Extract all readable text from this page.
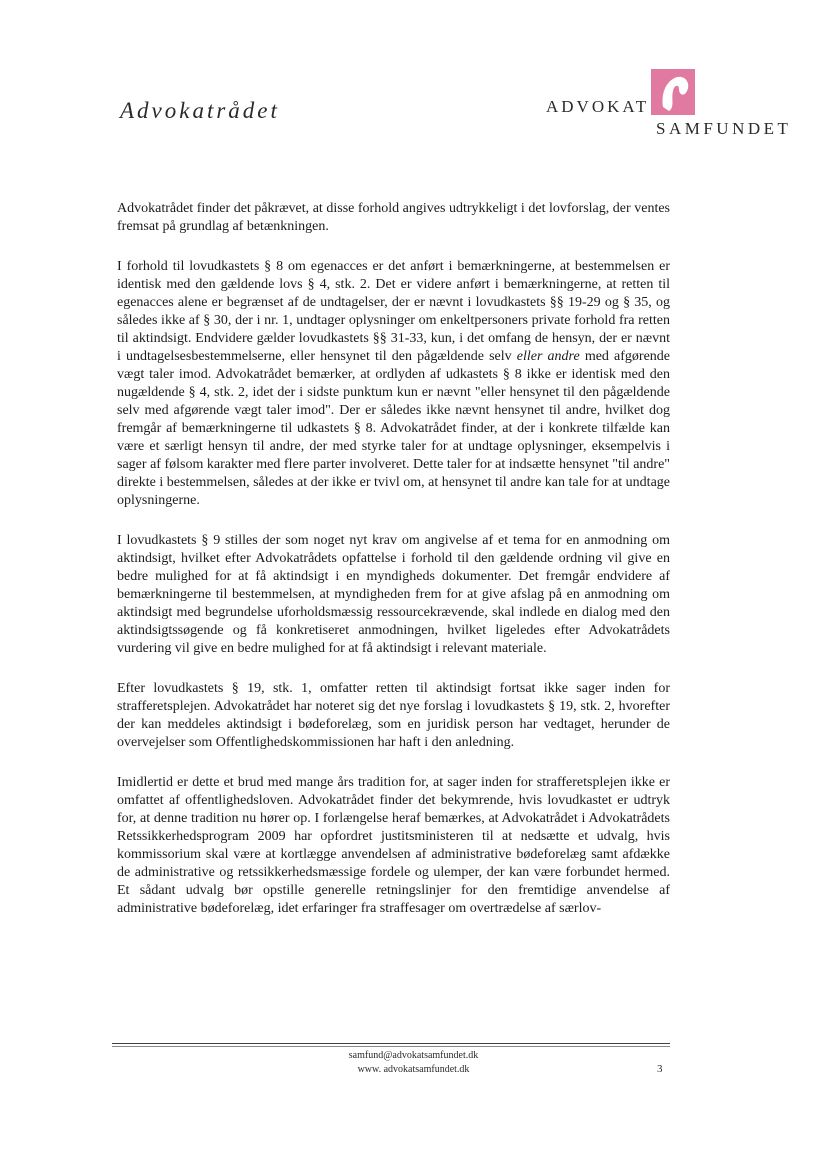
Advokatrådet	ADVOKAT
SAMFUNDET

Advokatrådet finder det påkrævet, at disse forhold angives udtrykkeligt i det lovforslag, der ventes fremsat på grundlag af betænkningen.

I forhold til lovudkastets § 8 om egenacces er det anført i bemærkningerne, at bestemmelsen er identisk med den gældende lovs § 4, stk. 2. Det er videre anført i bemærkningerne, at retten til egenacces alene er begrænset af de undtagelser, der er nævnt i lovudkastets §§ 19-29 og § 35, og således ikke af § 30, der i nr. 1, undtager oplysninger om enkeltpersoners private forhold fra retten til aktindsigt. Endvidere gælder lovudkastets §§ 31-33, kun, i det omfang de hensyn, der er nævnt i undtagelsesbestemmelserne, eller hensynet til den pågældende selv eller andre med afgørende vægt taler imod. Advokatrådet bemærker, at ordlyden af udkastets § 8 ikke er identisk med den nugældende § 4, stk. 2, idet der i sidste punktum kun er nævnt "eller hensynet til den pågældende selv med afgørende vægt taler imod". Der er således ikke nævnt hensynet til andre, hvilket dog fremgår af bemærkningerne til udkastets § 8. Advokatrådet finder, at der i konkrete tilfælde kan være et særligt hensyn til andre, der med styrke taler for at undtage oplysninger, eksempelvis i sager af følsom karakter med flere parter involveret. Dette taler for at indsætte hensynet "til andre" direkte i bestemmelsen, således at der ikke er tvivl om, at hensynet til andre kan tale for at undtage oplysningerne.

I lovudkastets § 9 stilles der som noget nyt krav om angivelse af et tema for en anmodning om aktindsigt, hvilket efter Advokatrådets opfattelse i forhold til den gældende ordning vil give en bedre mulighed for at få aktindsigt i en myndigheds dokumenter. Det fremgår endvidere af bemærkningerne til bestemmelsen, at myndigheden frem for at give afslag på en anmodning om aktindsigt med begrundelse uforholdsmæssig ressourcekrævende, skal indlede en dialog med den aktindsigtssøgende og få konkretiseret anmodningen, hvilket ligeledes efter Advokatrådets vurdering vil give en bedre mulighed for at få aktindsigt i relevant materiale.

Efter lovudkastets § 19, stk. 1, omfatter retten til aktindsigt fortsat ikke sager inden for strafferetsplejen. Advokatrådet har noteret sig det nye forslag i lovudkastets § 19, stk. 2, hvorefter der kan meddeles aktindsigt i bødeforelæg, som en juridisk person har vedtaget, herunder de overvejelser som Offentlighedskommissionen har haft i den anledning.

Imidlertid er dette et brud med mange års tradition for, at sager inden for strafferetsplejen ikke er omfattet af offentlighedsloven. Advokatrådet finder det bekymrende, hvis lovudkastet er udtryk for, at denne tradition nu hører op. I forlængelse heraf bemærkes, at Advokatrådet i Advokatrådets Retssikkerhedsprogram 2009 har opfordret justitsministeren til at nedsætte et udvalg, hvis kommissorium skal være at kortlægge anvendelsen af administrative bødeforelæg samt afdække de administrative og retssikkerhedsmæssige fordele og ulemper, der kan være forbundet hermed. Et sådant udvalg bør opstille generelle retningslinjer for den fremtidige anvendelse af administrative bødeforelæg, idet erfaringer fra straffesager om overtrædelse af særlov-

samfund@advokatsamfundet.dk
www. advokatsamfundet.dk	3
